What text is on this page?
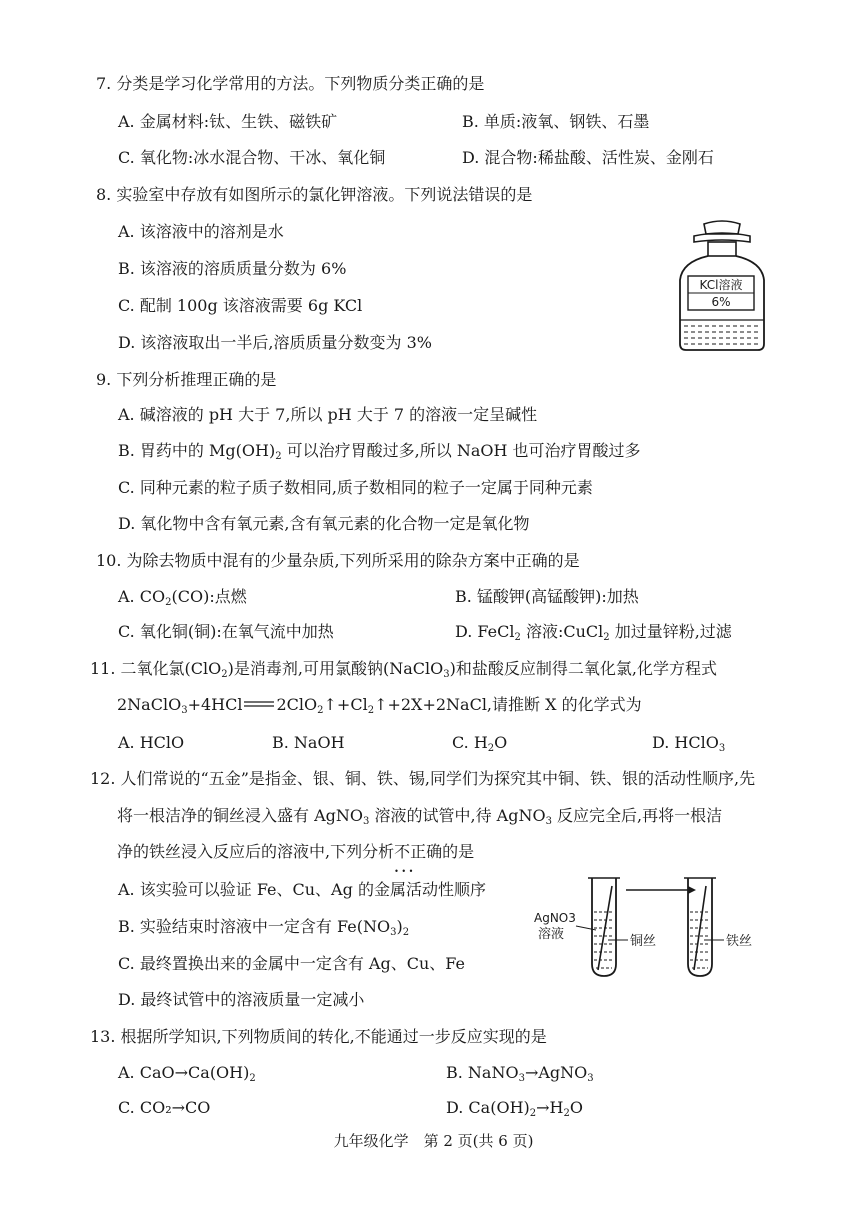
7. 分类是学习化学常用的方法。下列物质分类正确的是
A. 金属材料:钛、生铁、磁铁矿	B. 单质:液氧、钢铁、石墨
C. 氧化物:冰水混合物、干冰、氧化铜	D. 混合物:稀盐酸、活性炭、金刚石
8. 实验室中存放有如图所示的氯化钾溶液。下列说法错误的是
A. 该溶液中的溶剂是水
B. 该溶液的溶质质量分数为 6%
C. 配制 100g 该溶液需要 6g KCl
D. 该溶液取出一半后,溶质质量分数变为 3%
KCl溶液
6%
9. 下列分析推理正确的是
A. 碱溶液的 pH 大于 7,所以 pH 大于 7 的溶液一定呈碱性
B. 胃药中的 $Mg(OH)_2$ 可以治疗胃酸过多,所以 NaOH 也可治疗胃酸过多
C. 同种元素的粒子质子数相同,质子数相同的粒子一定属于同种元素
D. 氧化物中含有氧元素,含有氧元素的化合物一定是氧化物
10. 为除去物质中混有的少量杂质,下列所采用的除杂方案中正确的是
A. $CO_2(CO)$:点燃	B. 锰酸钾(高锰酸钾):加热
C. 氧化铜(铜):在氧气流中加热	D. FeCl$_2$ 溶液:CuCl$_2$ 加过量锌粉,过滤
11. 二氧化氯(ClO$_2$)是消毒剂,可用氯酸钠(NaClO$_3$)和盐酸反应制得二氧化氯,化学方程式
2NaClO$_3$+4HCl $2ClO_2↑+Cl_2↑+2X+2NaCl$,请推断 X 的化学式为
A. HClO	B. NaOH	C. $H_2O$	D. HClO$_3$
12. 人们常说的“五金”是指金、银、铜、铁、锡,同学们为探究其中铜、铁、银的活动性顺序,先
将一根洁净的铜丝浸入盛有 AgNO$_3$ 溶液的试管中,待 AgNO$_3$ 反应完全后,再将一根洁
净的铁丝浸入反应后的溶液中,下列分析不正确 • • •的是
A. 该实验可以验证 Fe、Cu、Ag 的金属活动性顺序
B. 实验结束时溶液中一定含有 $Fe(NO_3)_2$
C. 最终置换出来的金属中一定含有 Ag、Cu、Fe
D. 最终试管中的溶液质量一定减小
铜丝
AgNO3
溶液	铁丝
13. 根据所学知识,下列物质间的转化,不能通过一步反应实现的是
A. $CaO\to Ca(OH)_2$	B. NaNO$_3$→AgNO$_3$
C. CO₂→CO	D. $Ca(OH)_2\to H_2O$
九年级化学　第 2 页(共 6 页)
